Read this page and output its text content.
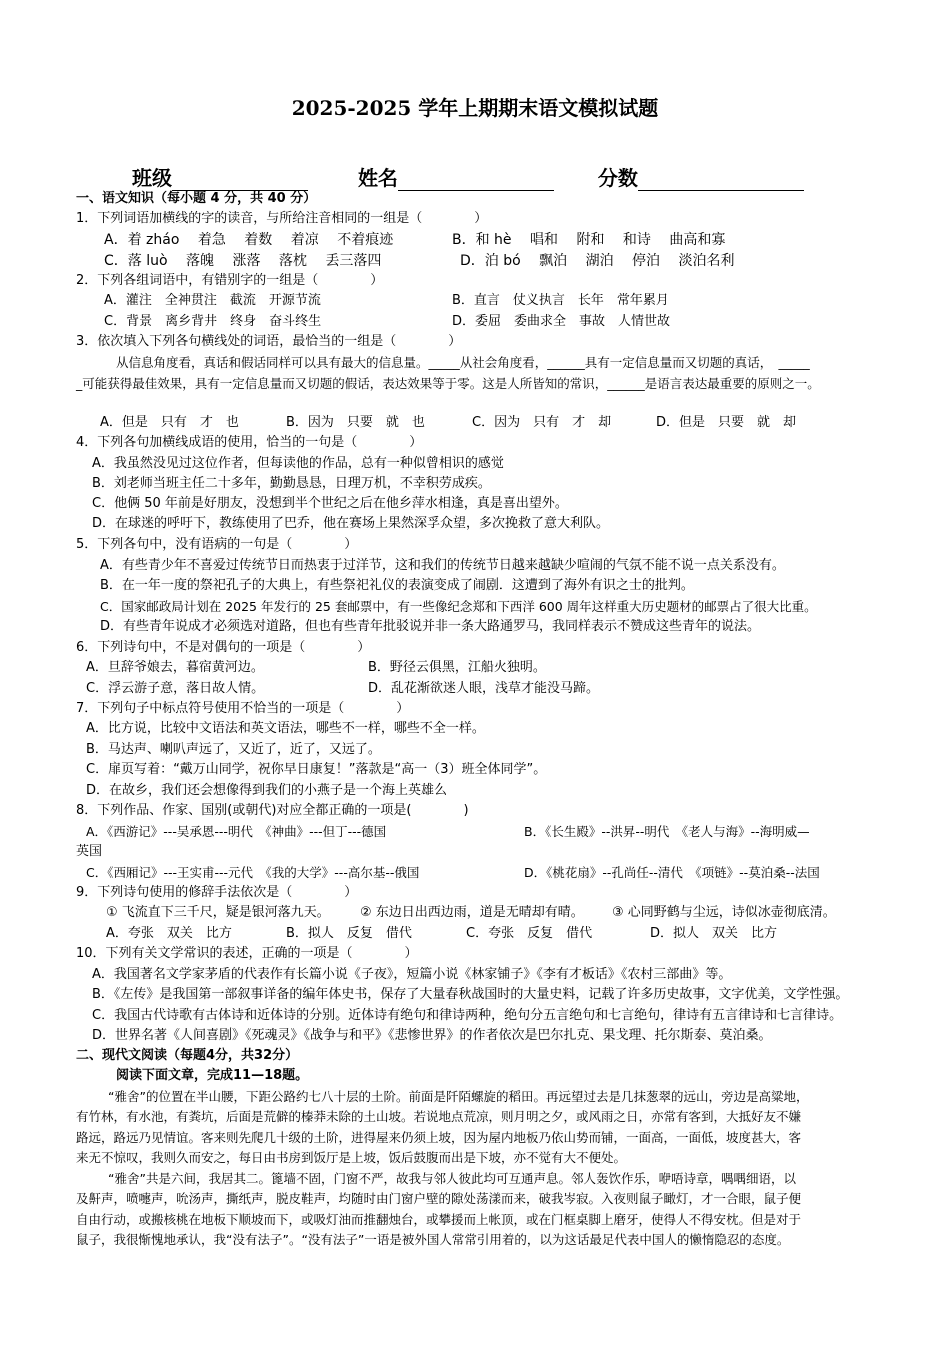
2025-2025 学年上期期末语文模拟试题
班级	姓名	分数
一、语文知识（每小题 4 分，共 40 分）
1．下列词语加横线的字的读音，与所给注音相同的一组是（　　　　）
A．着 zháo　 着急　 着数　 着凉　 不着痕迹	B．和 hè　 唱和　 附和　 和诗　 曲高和寡
C．落 luò　 落魄　 涨落　 落枕　 丢三落四	D．泊 bó　 飘泊　 湖泊　 停泊　 淡泊名利
2．下列各组词语中，有错别字的一组是（　　　　）
A．灌注　全神贯注　截流　开源节流	B．直言　仗义执言　长年　常年累月
C．背景　离乡背井　终身　奋斗终生	D．委屈　委曲求全　事故　人情世故
3．依次填入下列各句横线处的词语，最恰当的一组是（　　　　）
从信息角度看，真话和假话同样可以具有最大的信息量。_____从社会角度看，______具有一定信息量而又切题的真话，　_____
_可能获得最佳效果，具有一定信息量而又切题的假话，表达效果等于零。这是人所皆知的常识，______是语言表达最重要的原则之一。
A．但是　只有　才　也	B．因为　只要　就　也	C．因为　只有　才　却	D．但是　只要　就　却
4．下列各句加横线成语的使用，恰当的一句是（　　　　）
A．我虽然没见过这位作者，但每读他的作品，总有一种似曾相识的感觉
B．刘老师当班主任二十多年，勤勤恳恳，日理万机，不幸积劳成疾。
C．他俩 50 年前是好朋友，没想到半个世纪之后在他乡萍水相逢，真是喜出望外。
D．在球迷的呼吁下，教练使用了巴乔，他在赛场上果然深孚众望，多次挽救了意大利队。
5．下列各句中，没有语病的一句是（　　　　）
A．有些青少年不喜爱过传统节日而热衷于过洋节，这和我们的传统节日越来越缺少喧闹的气氛不能不说一点关系没有。
B．在一年一度的祭祀孔子的大典上，有些祭祀礼仪的表演变成了闹剧．这遭到了海外有识之士的批判。
C．国家邮政局计划在 2025 年发行的 25 套邮票中，有一些像纪念郑和下西洋 600 周年这样重大历史题材的邮票占了很大比重。
D．有些青年说成才必须选对道路，但也有些青年批驳说并非一条大路通罗马，我同样表示不赞成这些青年的说法。
6．下列诗句中，不是对偶句的一项是（　　　　）
A．旦辞爷娘去，暮宿黄河边。	B．野径云俱黑，江船火独明。
C．浮云游子意，落日故人情。	D．乱花渐欲迷人眼，浅草才能没马蹄。
7．下列句子中标点符号使用不恰当的一项是（　　　　）
A．比方说，比较中文语法和英文语法，哪些不一样，哪些不全一样。
B．马达声、喇叭声远了，又近了，近了，又远了。
C．扉页写着：“戴万山同学，祝你早日康复！”落款是“高一（3）班全体同学”。
D．在故乡，我们还会想像得到我们的小燕子是一个海上英雄么
8．下列作品、作家、国别(或朝代)对应全都正确的一项是(　　　　)
A．《西游记》---吴承恩---明代　《神曲》---但丁---德国	B．《长生殿》--洪昇--明代　《老人与海》--海明威—
英国
C．《西厢记》---王实甫---元代　《我的大学》---高尔基--俄国	D．《桃花扇》--孔尚任--清代　《项链》--莫泊桑--法国
9．下列诗句使用的修辞手法依次是（　　　　）
① 飞流直下三千尺，疑是银河落九天。 ② 东边日出西边雨，道是无晴却有晴。 ③ 心同野鹤与尘远，诗似冰壶彻底清。
A．夸张　双关　比方	B．拟人　反复　借代	C．夸张　反复　借代	D．拟人　双关　比方
10．下列有关文学常识的表述，正确的一项是（　　　　）
A．我国著名文学家茅盾的代表作有长篇小说《子夜》，短篇小说《林家铺子》《李有才板话》《农村三部曲》等。
B．《左传》是我国第一部叙事详备的编年体史书，保存了大量春秋战国时的大量史料，记载了许多历史故事，文字优美，文学性强。
C．我国古代诗歌有古体诗和近体诗的分别。近体诗有绝句和律诗两种，绝句分五言绝句和七言绝句，律诗有五言律诗和七言律诗。
D．世界名著《人间喜剧》《死魂灵》《战争与和平》《悲惨世界》的作者依次是巴尔扎克、果戈理、托尔斯泰、莫泊桑。
二、现代文阅读（每题4分，共32分）
阅读下面文章，完成11—18题。
“雅舍”的位置在半山腰，下距公路约七八十层的土阶。前面是阡陌螺旋的稻田。再远望过去是几抹葱翠的远山，旁边是高粱地，
有竹林，有水池，有粪坑，后面是荒僻的榛莽未除的土山坡。若说地点荒凉，则月明之夕，或风雨之日，亦常有客到，大抵好友不嫌
路远，路远乃见情谊。客来则先爬几十级的土阶，进得屋来仍须上坡，因为屋内地板乃依山势而铺，一面高，一面低，坡度甚大，客
来无不惊叹，我则久而安之，每日由书房到饭厅是上坡，饭后鼓腹而出是下坡，亦不觉有大不便处。
“雅舍”共是六间，我居其二。篦墙不固，门窗不严，故我与邻人彼此均可互通声息。邻人轰饮作乐，咿唔诗章，喁喁细语，以
及鼾声，喷嚏声，吮汤声，撕纸声，脱皮鞋声，均随时由门窗户壁的隙处荡漾而来，破我岑寂。入夜则鼠子瞰灯，才一合眼，鼠子便
自由行动，或搬核桃在地板下顺坡而下，或吸灯油而推翻烛台，或攀援而上帐顶，或在门框桌脚上磨牙，使得人不得安枕。但是对于
鼠子，我很惭愧地承认，我“没有法子”。“没有法子”一语是被外国人常常引用着的，以为这话最足代表中国人的懒惰隐忍的态度。
